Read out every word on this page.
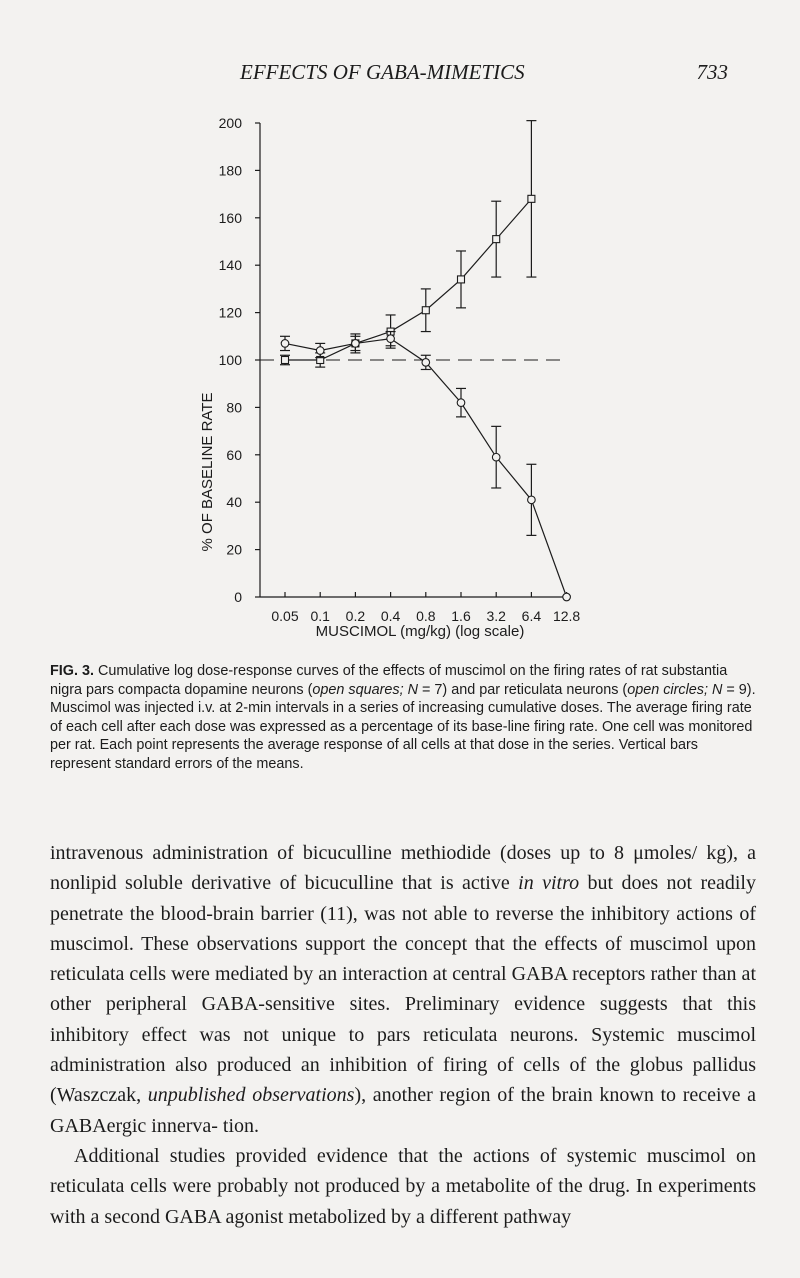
EFFECTS OF GABA-MIMETICS	733
0
20
40
60
80
100
120
140
160
180
200
0.05 0.1 0.2 0.4 0.8 1.6 3.2 6.4 12.8
% OF BASELINE RATE
MUSCIMOL (mg/kg) (log scale)
FIG. 3. Cumulative log dose-response curves of the effects of muscimol on the firing rates of rat substantia nigra pars compacta dopamine neurons (open squares; N = 7) and par reticulata neurons (open circles; N = 9). Muscimol was injected i.v. at 2-min intervals in a series of increasing cumulative doses. The average firing rate of each cell after each dose was expressed as a percentage of its base-line firing rate. One cell was monitored per rat. Each point represents the average response of all cells at that dose in the series. Vertical bars represent standard errors of the means.

intravenous administration of bicuculline methiodide (doses up to 8 μmoles/ kg), a nonlipid soluble derivative of bicuculline that is active in vitro but does not readily penetrate the blood-brain barrier (11), was not able to reverse the inhibitory actions of muscimol. These observations support the concept that the effects of muscimol upon reticulata cells were mediated by an interaction at central GABA receptors rather than at other peripheral GABA-sensitive sites. Preliminary evidence suggests that this inhibitory effect was not unique to pars reticulata neurons. Systemic muscimol administration also produced an inhibition of firing of cells of the globus pallidus (Waszczak, unpublished observations), another region of the brain known to receive a GABAergic innerva- tion.

Additional studies provided evidence that the actions of systemic muscimol on reticulata cells were probably not produced by a metabolite of the drug. In experiments with a second GABA agonist metabolized by a different pathway
